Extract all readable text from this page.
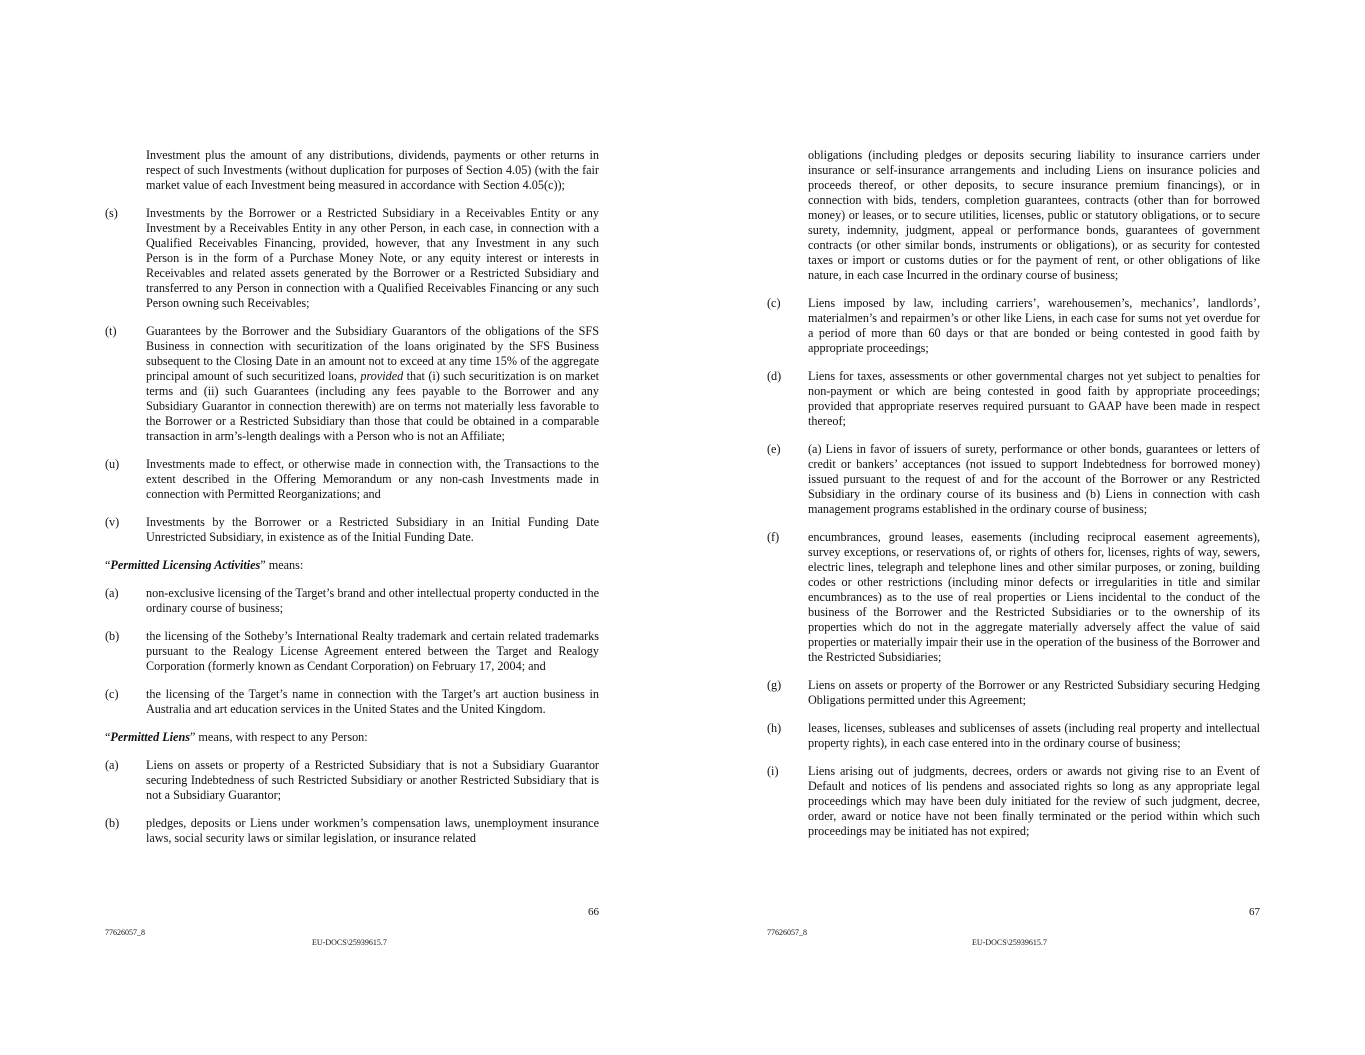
Investment plus the amount of any distributions, dividends, payments or other returns in respect of such Investments (without duplication for purposes of Section 4.05) (with the fair market value of each Investment being measured in accordance with Section 4.05(c));

(s)	Investments by the Borrower or a Restricted Subsidiary in a Receivables Entity or any Investment by a Receivables Entity in any other Person, in each case, in connection with a Qualified Receivables Financing, provided, however, that any Investment in any such Person is in the form of a Purchase Money Note, or any equity interest or interests in Receivables and related assets generated by the Borrower or a Restricted Subsidiary and transferred to any Person in connection with a Qualified Receivables Financing or any such Person owning such Receivables;

(t)	Guarantees by the Borrower and the Subsidiary Guarantors of the obligations of the SFS Business in connection with securitization of the loans originated by the SFS Business subsequent to the Closing Date in an amount not to exceed at any time 15% of the aggregate principal amount of such securitized loans, provided that (i) such securitization is on market terms and (ii) such Guarantees (including any fees payable to the Borrower and any Subsidiary Guarantor in connection therewith) are on terms not materially less favorable to the Borrower or a Restricted Subsidiary than those that could be obtained in a comparable transaction in arm’s-length dealings with a Person who is not an Affiliate;

(u)	Investments made to effect, or otherwise made in connection with, the Transactions to the extent described in the Offering Memorandum or any non-cash Investments made in connection with Permitted Reorganizations; and

(v)	Investments by the Borrower or a Restricted Subsidiary in an Initial Funding Date Unrestricted Subsidiary, in existence as of the Initial Funding Date.

“Permitted Licensing Activities” means:

(a)	non-exclusive licensing of the Target’s brand and other intellectual property conducted in the ordinary course of business;

(b)	the licensing of the Sotheby’s International Realty trademark and certain related trademarks pursuant to the Realogy License Agreement entered between the Target and Realogy Corporation (formerly known as Cendant Corporation) on February 17, 2004; and

(c)	the licensing of the Target’s name in connection with the Target’s art auction business in Australia and art education services in the United States and the United Kingdom.

“Permitted Liens” means, with respect to any Person:

(a)	Liens on assets or property of a Restricted Subsidiary that is not a Subsidiary Guarantor securing Indebtedness of such Restricted Subsidiary or another Restricted Subsidiary that is not a Subsidiary Guarantor;

(b)	pledges, deposits or Liens under workmen’s compensation laws, unemployment insurance laws, social security laws or similar legislation, or insurance related

66
77626057_8
EU-DOCS\25939615.7

obligations (including pledges or deposits securing liability to insurance carriers under insurance or self-insurance arrangements and including Liens on insurance policies and proceeds thereof, or other deposits, to secure insurance premium financings), or in connection with bids, tenders, completion guarantees, contracts (other than for borrowed money) or leases, or to secure utilities, licenses, public or statutory obligations, or to secure surety, indemnity, judgment, appeal or performance bonds, guarantees of government contracts (or other similar bonds, instruments or obligations), or as security for contested taxes or import or customs duties or for the payment of rent, or other obligations of like nature, in each case Incurred in the ordinary course of business;

(c)	Liens imposed by law, including carriers’, warehousemen’s, mechanics’, landlords’, materialmen’s and repairmen’s or other like Liens, in each case for sums not yet overdue for a period of more than 60 days or that are bonded or being contested in good faith by appropriate proceedings;

(d)	Liens for taxes, assessments or other governmental charges not yet subject to penalties for non-payment or which are being contested in good faith by appropriate proceedings; provided that appropriate reserves required pursuant to GAAP have been made in respect thereof;

(e)	(a) Liens in favor of issuers of surety, performance or other bonds, guarantees or letters of credit or bankers’ acceptances (not issued to support Indebtedness for borrowed money) issued pursuant to the request of and for the account of the Borrower or any Restricted Subsidiary in the ordinary course of its business and (b) Liens in connection with cash management programs established in the ordinary course of business;

(f)	encumbrances, ground leases, easements (including reciprocal easement agreements), survey exceptions, or reservations of, or rights of others for, licenses, rights of way, sewers, electric lines, telegraph and telephone lines and other similar purposes, or zoning, building codes or other restrictions (including minor defects or irregularities in title and similar encumbrances) as to the use of real properties or Liens incidental to the conduct of the business of the Borrower and the Restricted Subsidiaries or to the ownership of its properties which do not in the aggregate materially adversely affect the value of said properties or materially impair their use in the operation of the business of the Borrower and the Restricted Subsidiaries;

(g)	Liens on assets or property of the Borrower or any Restricted Subsidiary securing Hedging Obligations permitted under this Agreement;

(h)	leases, licenses, subleases and sublicenses of assets (including real property and intellectual property rights), in each case entered into in the ordinary course of business;

(i)	Liens arising out of judgments, decrees, orders or awards not giving rise to an Event of Default and notices of lis pendens and associated rights so long as any appropriate legal proceedings which may have been duly initiated for the review of such judgment, decree, order, award or notice have not been finally terminated or the period within which such proceedings may be initiated has not expired;

67
77626057_8
EU-DOCS\25939615.7
